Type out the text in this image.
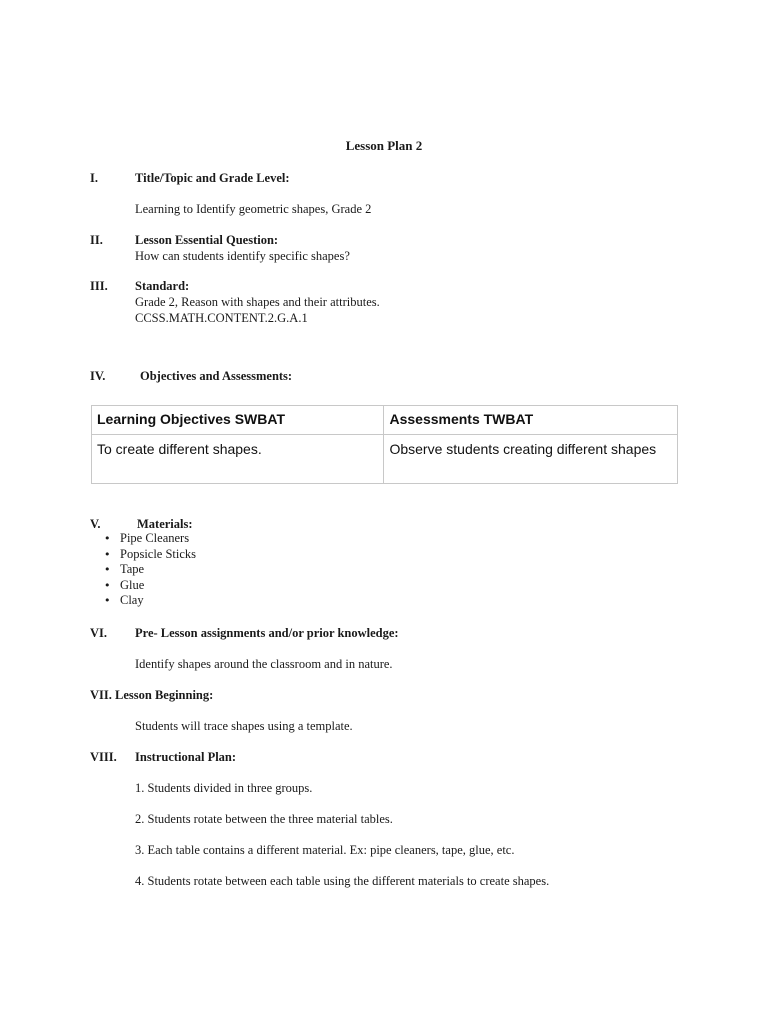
Lesson Plan 2
I.	Title/Topic and Grade Level:
Learning to Identify geometric shapes, Grade 2
II.	Lesson Essential Question:
How can students identify specific shapes?
III. Standard:
Grade 2, Reason with shapes and their attributes.
CCSS.MATH.CONTENT.2.G.A.1
IV.	Objectives and Assessments:
Learning Objectives SWBAT	Assessments TWBAT
To create different shapes.	Observe students creating different shapes
V.	Materials:
• Pipe Cleaners
• Popsicle Sticks
• Tape
• Glue
• Clay
VI. Pre- Lesson assignments and/or prior knowledge:
Identify shapes around the classroom and in nature.
VII. Lesson Beginning:
Students will trace shapes using a template.
VIII. Instructional Plan:
1. Students divided in three groups.
2. Students rotate between the three material tables.
3. Each table contains a different material. Ex: pipe cleaners, tape, glue, etc.
4. Students rotate between each table using the different materials to create shapes.
